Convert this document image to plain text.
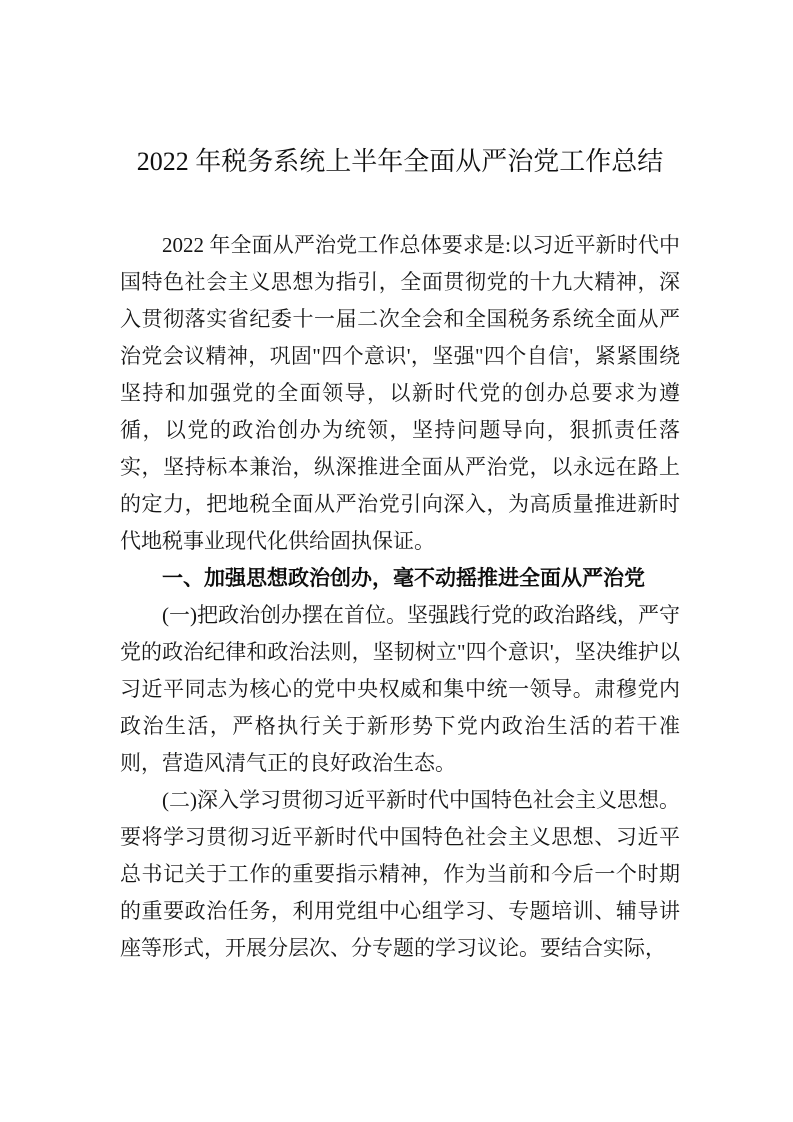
2022 年税务系统上半年全面从严治党工作总结

2022 年全面从严治党工作总体要求是:以习近平新时代中国特色社会主义思想为指引，全面贯彻党的十九大精神，深入贯彻落实省纪委十一届二次全会和全国税务系统全面从严治党会议精神，巩固"四个意识'，坚强"四个自信'，紧紧围绕坚持和加强党的全面领导，以新时代党的创办总要求为遵循，以党的政治创办为统领，坚持问题导向，狠抓责任落实，坚持标本兼治，纵深推进全面从严治党，以永远在路上的定力，把地税全面从严治党引向深入，为高质量推进新时代地税事业现代化供给固执保证。

一、加强思想政治创办，毫不动摇推进全面从严治党

(一)把政治创办摆在首位。坚强践行党的政治路线，严守党的政治纪律和政治法则，坚韧树立"四个意识'，坚决维护以习近平同志为核心的党中央权威和集中统一领导。肃穆党内政治生活，严格执行关于新形势下党内政治生活的若干准则，营造风清气正的良好政治生态。

(二)深入学习贯彻习近平新时代中国特色社会主义思想。要将学习贯彻习近平新时代中国特色社会主义思想、习近平总书记关于工作的重要指示精神，作为当前和今后一个时期的重要政治任务，利用党组中心组学习、专题培训、辅导讲座等形式，开展分层次、分专题的学习议论。要结合实际，
